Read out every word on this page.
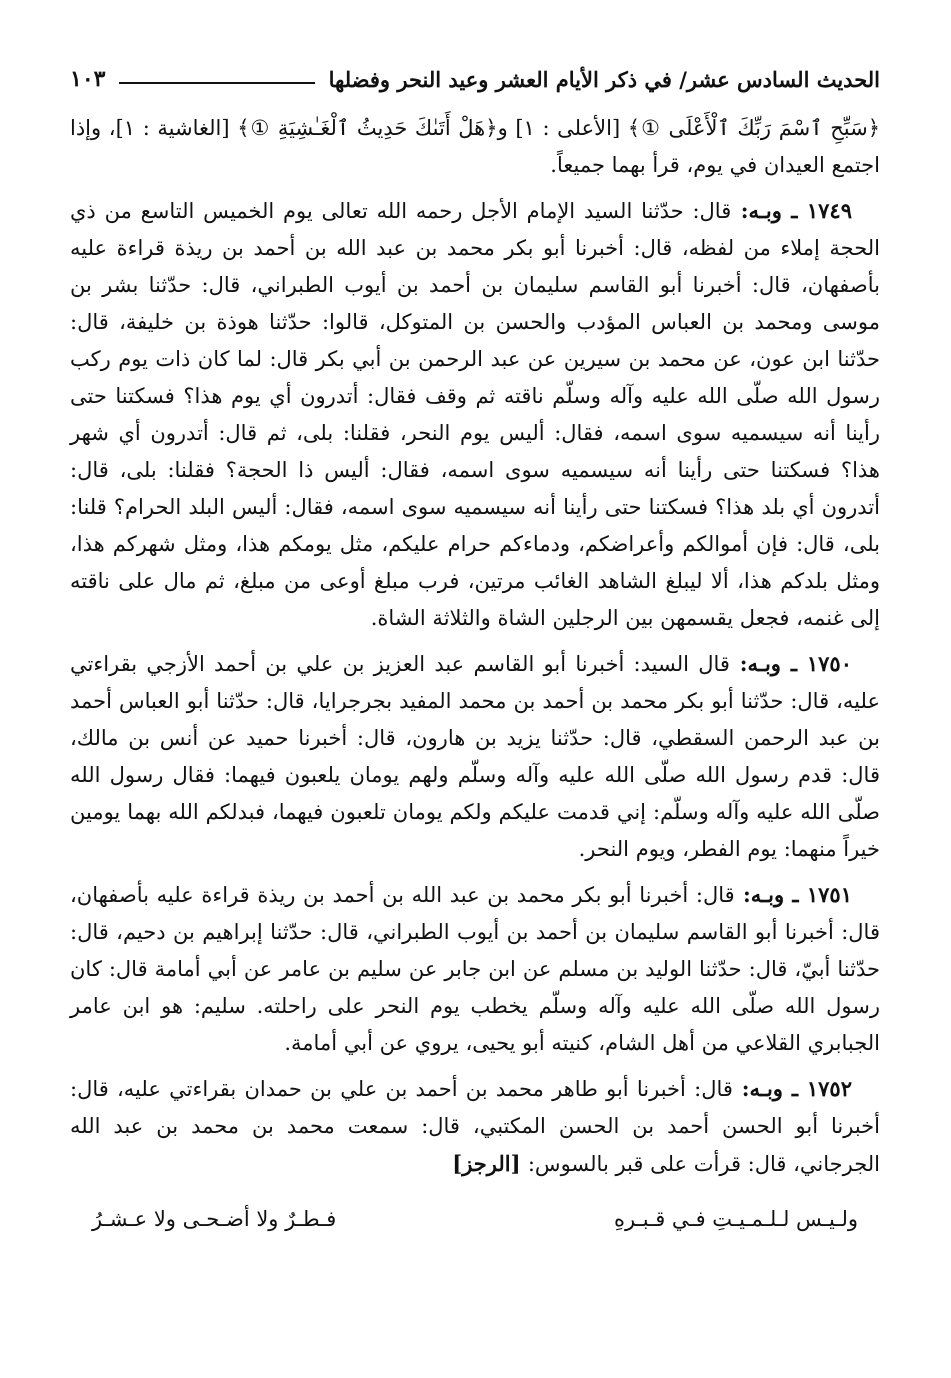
الحديث السادس عشر/ في ذكر الأيام العشر وعيد النحر وفضلها
١٠٣

﴿سَبِّحِ ٱسْمَ رَبِّكَ ٱلْأَعْلَى ①﴾ [الأعلى : ١] و﴿هَلْ أَتَىٰكَ حَدِيثُ ٱلْغَـٰشِيَةِ ①﴾ [الغاشية : ١]، وإذا اجتمع العيدان في يوم، قرأ بهما جميعاً.

١٧٤٩ ـ وبـه: قال: حدّثنا السيد الإمام الأجل رحمه الله تعالى يوم الخميس التاسع من ذي الحجة إملاء من لفظه، قال: أخبرنا أبو بكر محمد بن عبد الله بن أحمد بن ريذة قراءة عليه بأصفهان، قال: أخبرنا أبو القاسم سليمان بن أحمد بن أيوب الطبراني، قال: حدّثنا بشر بن موسى ومحمد بن العباس المؤدب والحسن بن المتوكل، قالوا: حدّثنا هوذة بن خليفة، قال: حدّثنا ابن عون، عن محمد بن سيرين عن عبد الرحمن بن أبي بكر قال: لما كان ذات يوم ركب رسول الله صلّى الله عليه وآله وسلّم ناقته ثم وقف فقال: أتدرون أي يوم هذا؟ فسكتنا حتى رأينا أنه سيسميه سوى اسمه، فقال: أليس يوم النحر، فقلنا: بلى، ثم قال: أتدرون أي شهر هذا؟ فسكتنا حتى رأينا أنه سيسميه سوى اسمه، فقال: أليس ذا الحجة؟ فقلنا: بلى، قال: أتدرون أي بلد هذا؟ فسكتنا حتى رأينا أنه سيسميه سوى اسمه، فقال: أليس البلد الحرام؟ قلنا: بلى، قال: فإن أموالكم وأعراضكم، ودماءكم حرام عليكم، مثل يومكم هذا، ومثل شهركم هذا، ومثل بلدكم هذا، ألا ليبلغ الشاهد الغائب مرتين، فرب مبلغ أوعى من مبلغ، ثم مال على ناقته إلى غنمه، فجعل يقسمهن بين الرجلين الشاة والثلاثة الشاة.

١٧٥٠ ـ وبـه: قال السيد: أخبرنا أبو القاسم عبد العزيز بن علي بن أحمد الأزجي بقراءتي عليه، قال: حدّثنا أبو بكر محمد بن أحمد بن محمد المفيد بجرجرايا، قال: حدّثنا أبو العباس أحمد بن عبد الرحمن السقطي، قال: حدّثنا يزيد بن هارون، قال: أخبرنا حميد عن أنس بن مالك، قال: قدم رسول الله صلّى الله عليه وآله وسلّم ولهم يومان يلعبون فيهما: فقال رسول الله صلّى الله عليه وآله وسلّم: إني قدمت عليكم ولكم يومان تلعبون فيهما، فبدلكم الله بهما يومين خيراً منهما: يوم الفطر، ويوم النحر.

١٧٥١ ـ وبـه: قال: أخبرنا أبو بكر محمد بن عبد الله بن أحمد بن ريذة قراءة عليه بأصفهان، قال: أخبرنا أبو القاسم سليمان بن أحمد بن أيوب الطبراني، قال: حدّثنا إبراهيم بن دحيم، قال: حدّثنا أبيّ، قال: حدّثنا الوليد بن مسلم عن ابن جابر عن سليم بن عامر عن أبي أمامة قال: كان رسول الله صلّى الله عليه وآله وسلّم يخطب يوم النحر على راحلته. سليم: هو ابن عامر الجبابري القلاعي من أهل الشام، كنيته أبو يحيى، يروي عن أبي أمامة.

١٧٥٢ ـ وبـه: قال: أخبرنا أبو طاهر محمد بن أحمد بن علي بن حمدان بقراءتي عليه، قال: أخبرنا أبو الحسن أحمد بن الحسن المكتبي، قال: سمعت محمد بن محمد بن عبد الله الجرجاني، قال: قرأت على قبر بالسوس: [الرجز]

ولـيـس لـلـمـيـتِ فـي قـبـرهِ
فـطـرٌ ولا أضـحـى ولا عـشـرُ
